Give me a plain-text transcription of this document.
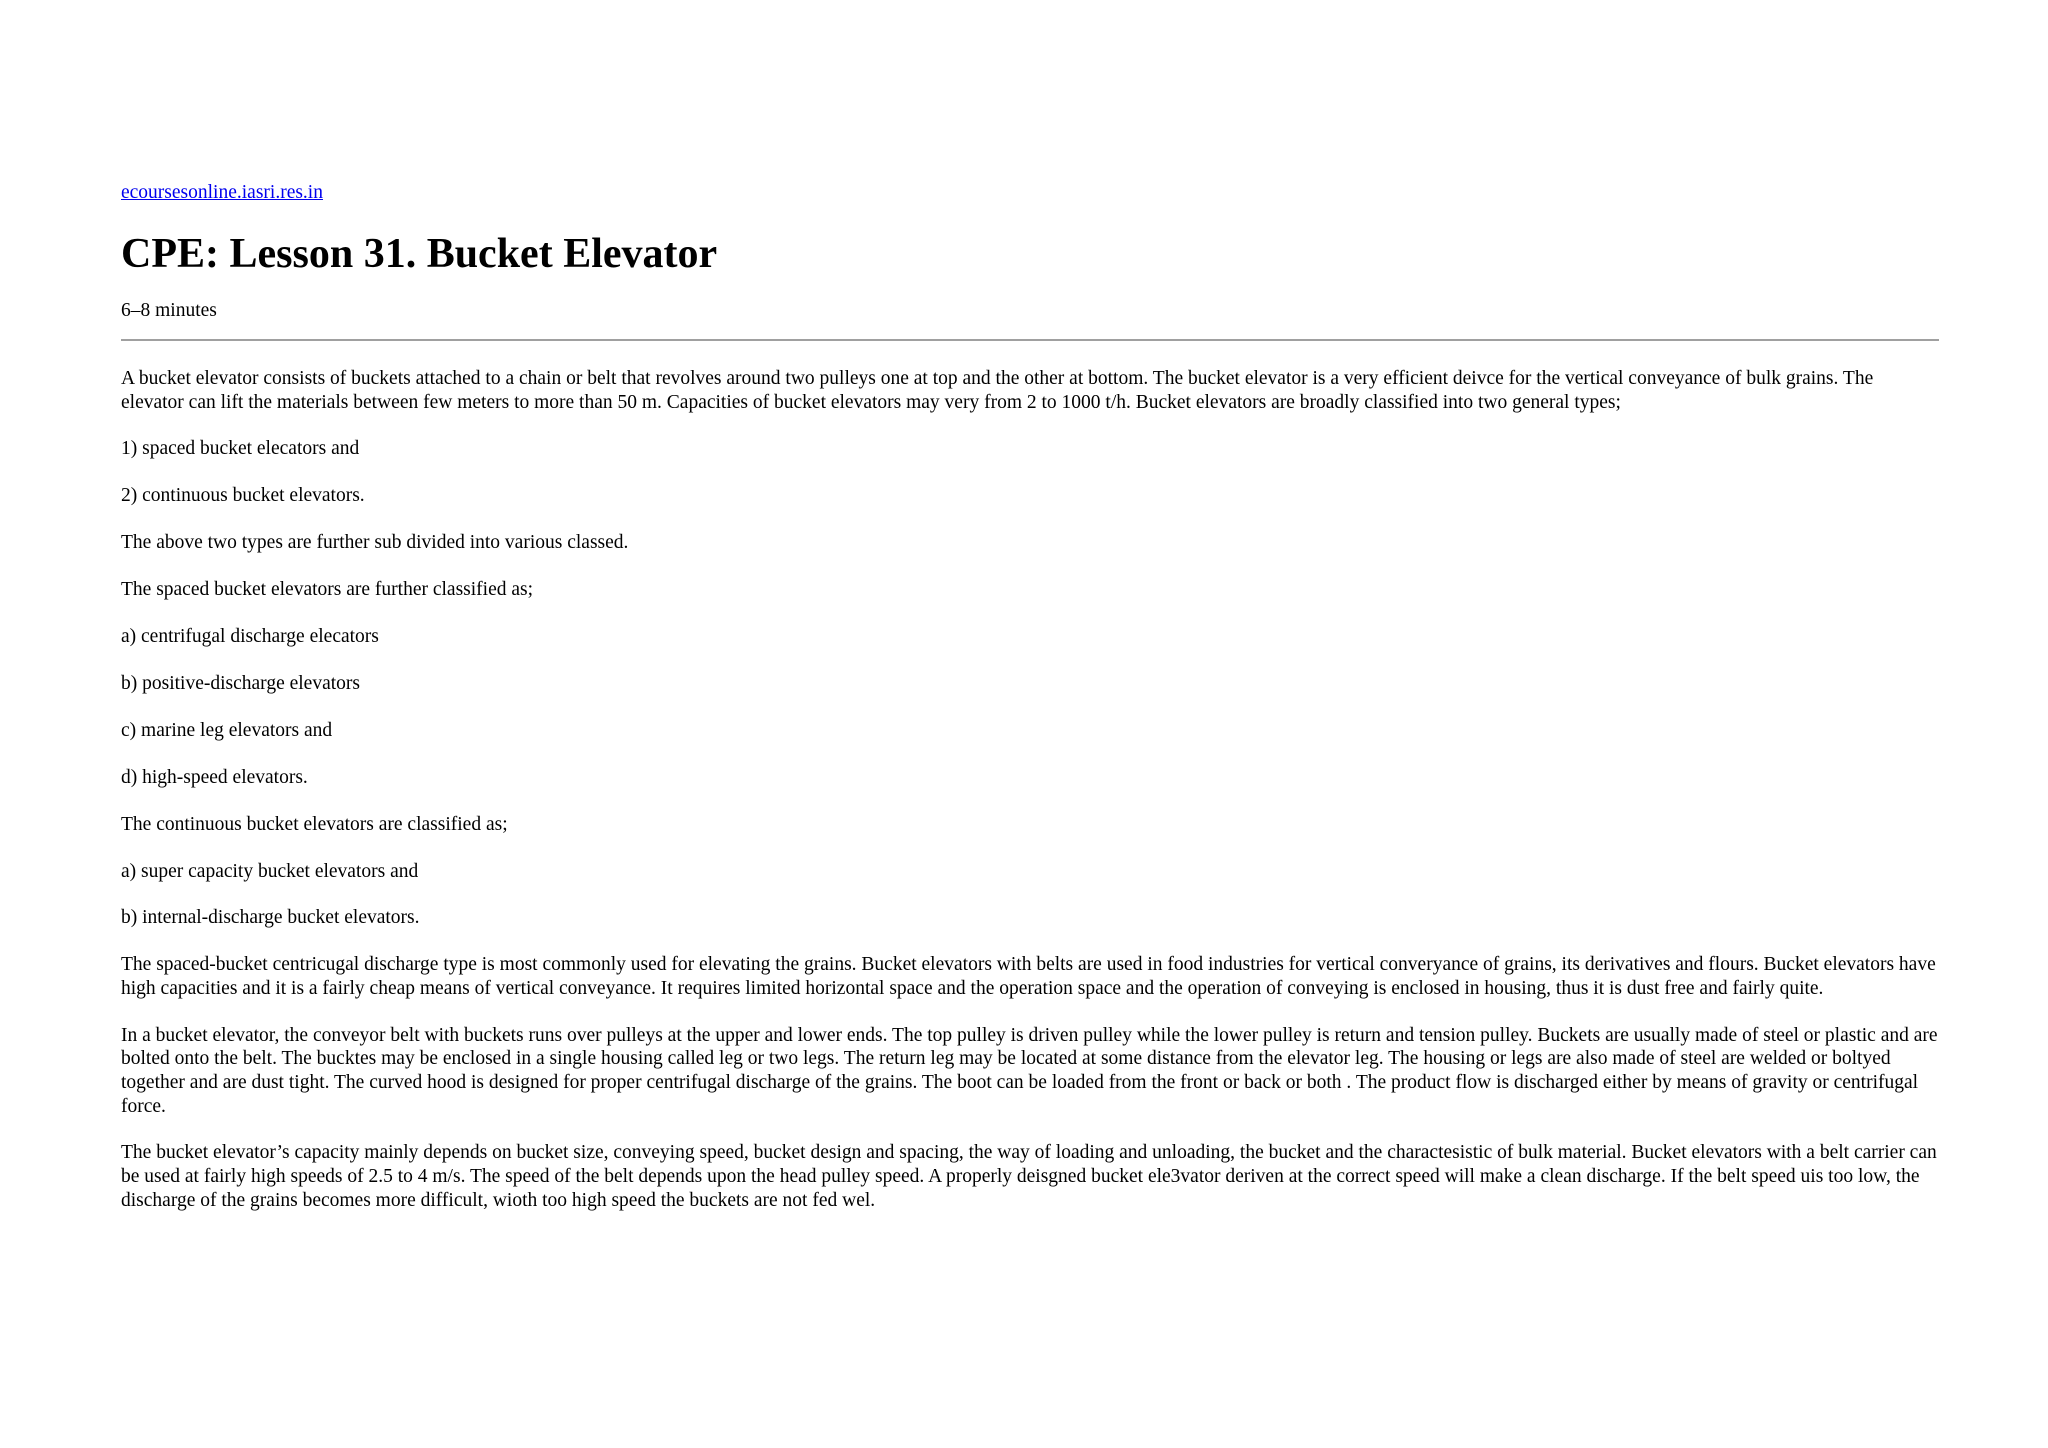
ecoursesonline.iasri.res.in
CPE: Lesson 31. Bucket Elevator
6–8 minutes

A bucket elevator consists of buckets attached to a chain or belt that revolves around two pulleys one at top and the other at bottom. The bucket elevator is a very efficient deivce for the vertical conveyance of bulk grains. The elevator can lift the materials between few meters to more than 50 m. Capacities of bucket elevators may very from 2 to 1000 t/h. Bucket elevators are broadly classified into two general types;

1) spaced bucket elecators and

2) continuous bucket elevators.

The above two types are further sub divided into various classed.

The spaced bucket elevators are further classified as;

a) centrifugal discharge elecators

b) positive-discharge elevators

c) marine leg elevators and

d) high-speed elevators.

The continuous bucket elevators are classified as;

a) super capacity bucket elevators and

b) internal-discharge bucket elevators.

The spaced-bucket centricugal discharge type is most commonly used for elevating the grains. Bucket elevators with belts are used in food industries for vertical converyance of grains, its derivatives and flours. Bucket elevators have high capacities and it is a fairly cheap means of vertical conveyance. It requires limited horizontal space and the operation space and the operation of conveying is enclosed in housing, thus it is dust free and fairly quite.

In a bucket elevator, the conveyor belt with buckets runs over pulleys at the upper and lower ends. The top pulley is driven pulley while the lower pulley is return and tension pulley. Buckets are usually made of steel or plastic and are bolted onto the belt. The bucktes may be enclosed in a single housing called leg or two legs. The return leg may be located at some distance from the elevator leg. The housing or legs are also made of steel are welded or boltyed together and are dust tight. The curved hood is designed for proper centrifugal discharge of the grains. The boot can be loaded from the front or back or both . The product flow is discharged either by means of gravity or centrifugal force.

The bucket elevator’s capacity mainly depends on bucket size, conveying speed, bucket design and spacing, the way of loading and unloading, the bucket and the charactesistic of bulk material. Bucket elevators with a belt carrier can be used at fairly high speeds of 2.5 to 4 m/s. The speed of the belt depends upon the head pulley speed. A properly deisgned bucket ele3vator deriven at the correct speed will make a clean discharge. If the belt speed uis too low, the discharge of the grains becomes more difficult, wioth too high speed the buckets are not fed wel.
